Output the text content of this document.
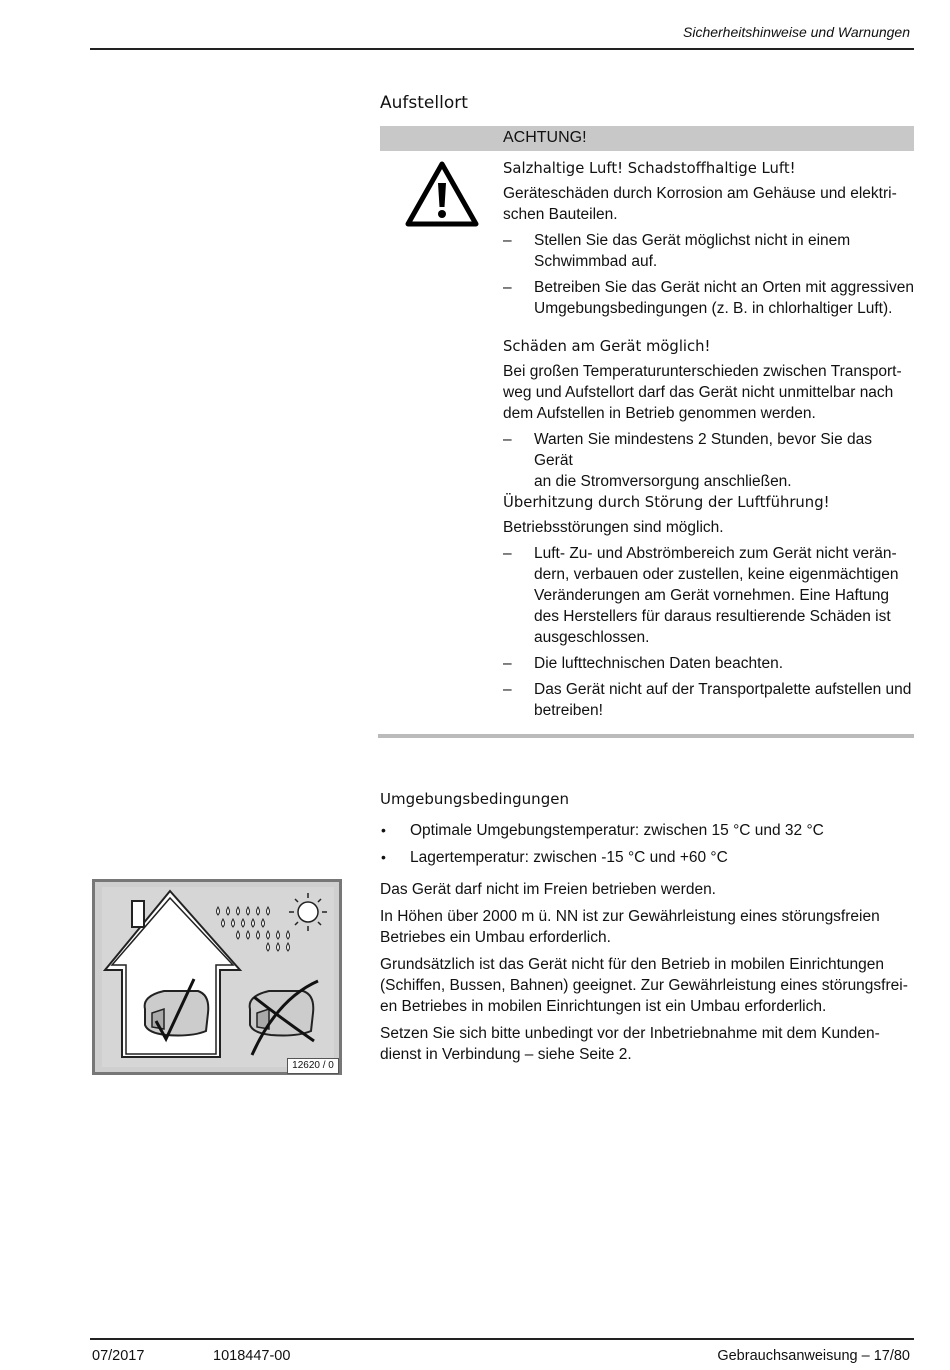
Sicherheitshinweise und Warnungen
Aufstellort
ACHTUNG!
Salzhaltige Luft! Schadstoffhaltige Luft!

Geräteschäden durch Korrosion am Gehäuse und elektri-
schen Bauteilen.

– Stellen Sie das Gerät möglichst nicht in einem
Schwimmbad auf.
– Betreiben Sie das Gerät nicht an Orten mit aggressiven
Umgebungsbedingungen (z. B. in chlorhaltiger Luft).
Schäden am Gerät möglich!

Bei großen Temperaturunterschieden zwischen Transport-
weg und Aufstellort darf das Gerät nicht unmittelbar nach
dem Aufstellen in Betrieb genommen werden.

– Warten Sie mindestens 2 Stunden, bevor Sie das Gerät
an die Stromversorgung anschließen.
Überhitzung durch Störung der Luftführung!

Betriebsstörungen sind möglich.

– Luft- Zu- und Abströmbereich zum Gerät nicht verän-
dern, verbauen oder zustellen, keine eigenmächtigen
Veränderungen am Gerät vornehmen. Eine Haftung
des Herstellers für daraus resultierende Schäden ist
ausgeschlossen.
– Die lufttechnischen Daten beachten.
– Das Gerät nicht auf der Transportpalette aufstellen und
betreiben!
Umgebungsbedingungen
• Optimale Umgebungstemperatur: zwischen 15 °C und 32 °C
• Lagertemperatur: zwischen -15 °C und +60 °C

Das Gerät darf nicht im Freien betrieben werden.

In Höhen über 2000 m ü. NN ist zur Gewährleistung eines störungsfreien
Betriebes ein Umbau erforderlich.

Grundsätzlich ist das Gerät nicht für den Betrieb in mobilen Einrichtungen
(Schiffen, Bussen, Bahnen) geeignet. Zur Gewährleistung eines störungsfrei-
en Betriebes in mobilen Einrichtungen ist ein Umbau erforderlich.

Setzen Sie sich bitte unbedingt vor der Inbetriebnahme mit dem Kunden-
dienst in Verbindung – siehe Seite 2.

12620 / 0
07/2017	1018447-00	Gebrauchsanweisung – 17/80
